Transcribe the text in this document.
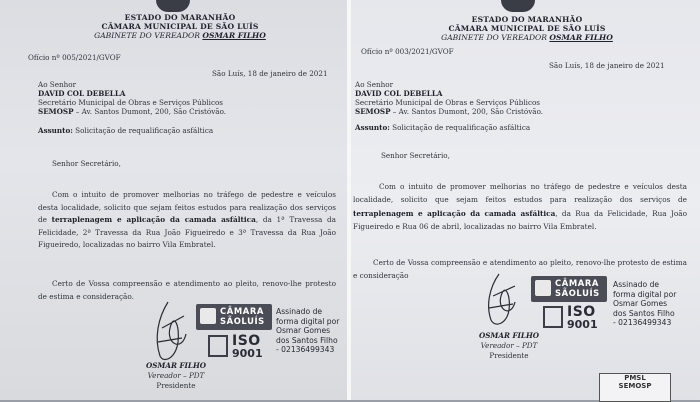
ESTADO DO MARANHÃO
CÂMARA MUNICIPAL DE SÃO LUÍS
GABINETE DO VEREADOR OSMAR FILHO
Ofício nº 005/2021/GVOF
São Luís, 18 de janeiro de 2021
Ao Senhor
DAVID COL DEBELLA
Secretário Municipal de Obras e Serviços Públicos
SEMOSP – Av. Santos Dumont, 200, São Cristóvão.
Assunto: Solicitação de requalificação asfáltica
Senhor Secretário,
Com o intuito de promover melhorias no tráfego de pedestre e veículos desta localidade, solicito que sejam feitos estudos para realização dos serviços de terraplenagem e aplicação da camada asfáltica, da 1ª Travessa da Felicidade, 2ª Travessa da Rua João Figueiredo e 3ª Travessa da Rua João Figueiredo, localizadas no bairro Vila Embratel.
Certo de Vossa compreensão e atendimento ao pleito, renovo-lhe protesto de estima e consideração.
CÂMARA
SÃOLUÍS
ISO
9001
Assinado de
forma digital por
Osmar Gomes
dos Santos Filho
- 02136499343
OSMAR FILHO
Vereador – PDT
Presidente
ESTADO DO MARANHÃO
CÂMARA MUNICIPAL DE SÃO LUÍS
GABINETE DO VEREADOR OSMAR FILHO
Ofício nº 003/2021/GVOF
São Luís, 18 de janeiro de 2021
Ao Senhor
DAVID COL DEBELLA
Secretário Municipal de Obras e Serviços Públicos
SEMOSP – Av. Santos Dumont, 200, São Cristóvão.
Assunto: Solicitação de requalificação asfáltica
Senhor Secretário,
Com o intuito de promover melhorias no tráfego de pedestre e veículos desta localidade, solicito que sejam feitos estudos para realização dos serviços de terraplenagem e aplicação da camada asfáltica, da Rua da Felicidade, Rua João Figueiredo e Rua 06 de abril, localizadas no bairro Vila Embratel.
Certo de Vossa compreensão e atendimento ao pleito, renovo-lhe protesto de estima e consideração
CÂMARA
SÃOLUÍS
ISO
9001
Assinado de
forma digital por
Osmar Gomes
dos Santos Filho
- 02136499343
OSMAR FILHO
Vereador – PDT
Presidente
PMSL
SEMOSP
